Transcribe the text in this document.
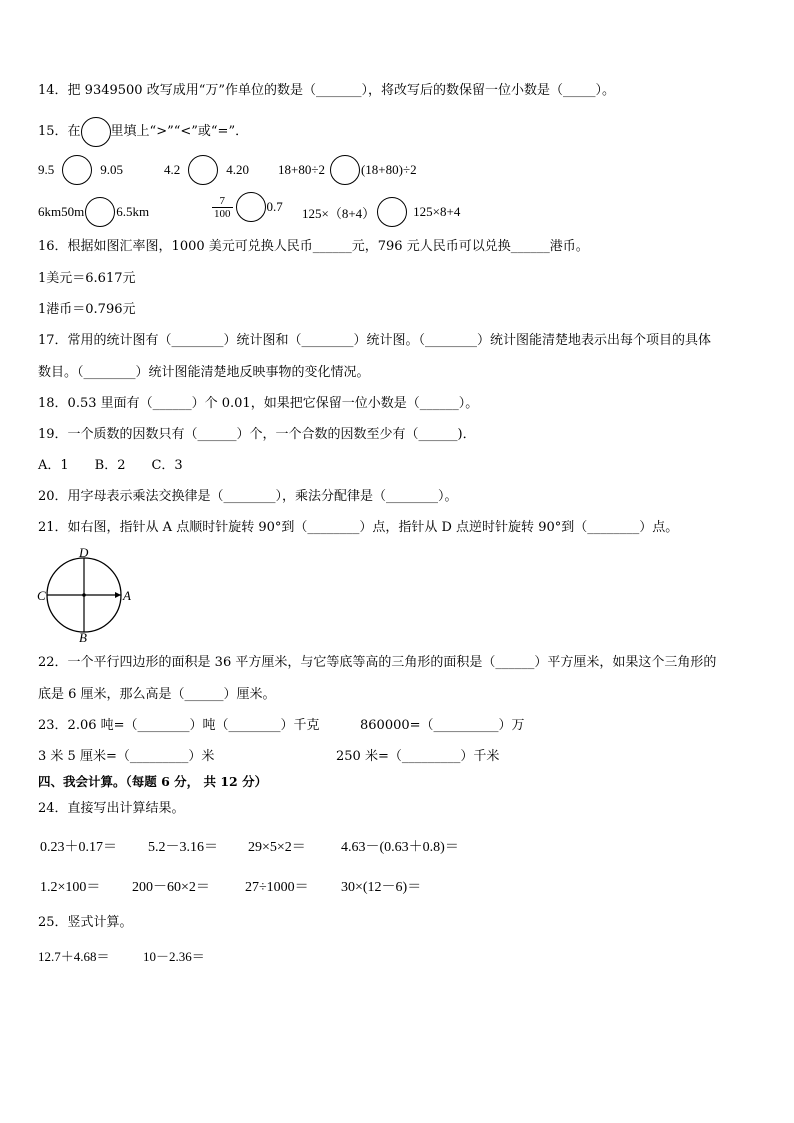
14．把 9349500 改写成用“万”作单位的数是（_______），将改写后的数保留一位小数是（_____）。
15．在 里填上“>”“<”或“=”．
9.5	9.05	4.2	4.20 18+80÷2	(18+80)÷2
6km50m 6.5km	$\frac{7}{100}$	0.7 125×（8+4）	125×8+4
16．根据如图汇率图，1000 美元可兑换人民币______元，796 元人民币可以兑换______港币。
1美元＝6.617元
1港币＝0.796元
17．常用的统计图有（________）统计图和（________）统计图。（________）统计图能清楚地表示出每个项目的具体
数目。（________）统计图能清楚地反映事物的变化情况。
18．0.53 里面有（______）个 0.01，如果把它保留一位小数是（______）。
19．一个质数的因数只有（______）个，一个合数的因数至少有（______)．
A．1　　B．2　　C．3
20．用字母表示乘法交换律是（________），乘法分配律是（________）。
21．如右图，指针从 A 点顺时针旋转 90°到（________）点，指针从 D 点逆时针旋转 90°到（________）点。
D
C	A
B
22．一个平行四边形的面积是 36 平方厘米，与它等底等高的三角形的面积是（______）平方厘米，如果这个三角形的
底是 6 厘米，那么高是（______）厘米。
23．2.06 吨=（________）吨（________）千克	860000=（__________）万
3 米 5 厘米=（_________）米	250 米=（_________）千米
四、我会计算。（每题 6 分， 共 12 分）
24．直接写出计算结果。
0.23＋0.17＝ 5.2－3.16＝ 29×5×2＝	4.63－(0.63＋0.8)＝
1.2×100＝ 200－60×2＝	27÷1000＝ 30×(12－6)＝
25．竖式计算。
12.7＋4.68＝	10－2.36＝
